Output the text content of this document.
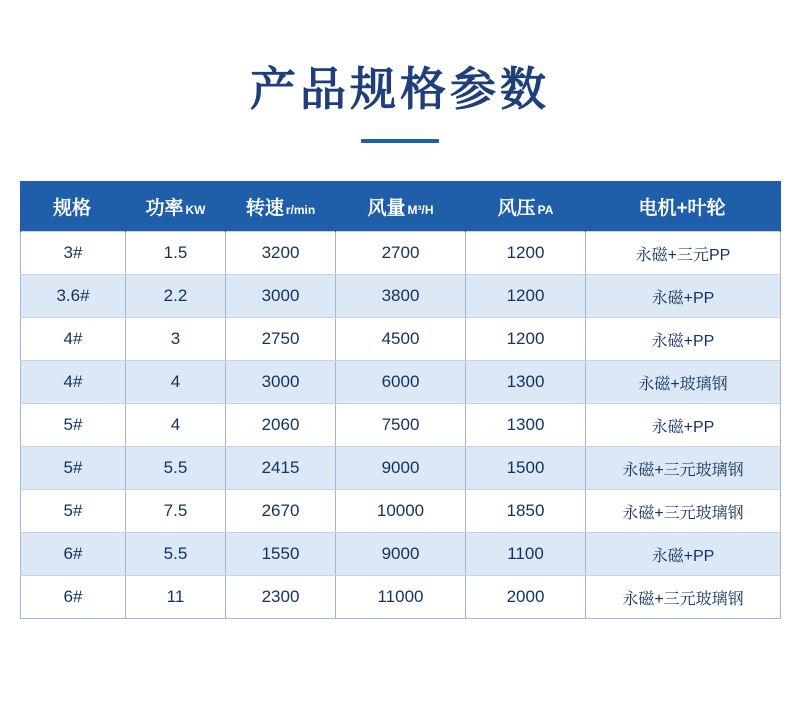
产品规格参数
规格	功率 KW	转速 r/min	风量 M³/H	风压 PA	电机+叶轮
3#	1.5	3200	2700	1200	永磁+三元PP
3.6#	2.2	3000	3800	1200	永磁+PP
4#	3	2750	4500	1200	永磁+PP
4#	4	3000	6000	1300	永磁+玻璃钢
5#	4	2060	7500	1300	永磁+PP
5#	5.5	2415	9000	1500	永磁+三元玻璃钢
5#	7.5	2670	10000	1850	永磁+三元玻璃钢
6#	5.5	1550	9000	1100	永磁+PP
6#	11	2300	11000	2000	永磁+三元玻璃钢
